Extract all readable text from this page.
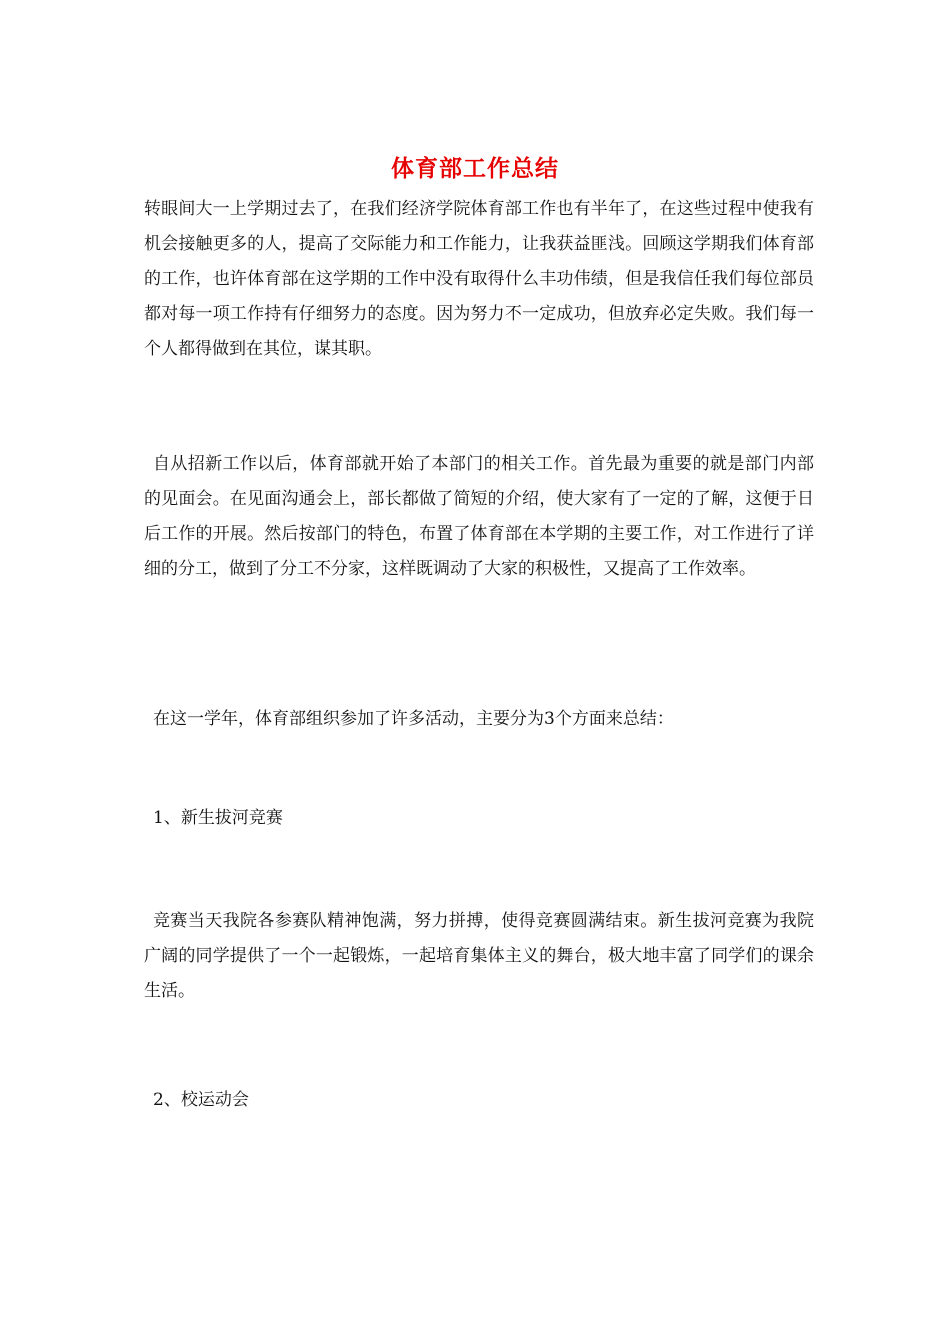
体育部工作总结

转眼间大一上学期过去了，在我们经济学院体育部工作也有半年了，在这些过程中使我有机会接触更多的人，提高了交际能力和工作能力，让我获益匪浅。回顾这学期我们体育部的工作，也许体育部在这学期的工作中没有取得什么丰功伟绩，但是我信任我们每位部员都对每一项工作持有仔细努力的态度。因为努力不一定成功，但放弃必定失败。我们每一个人都得做到在其位，谋其职。

自从招新工作以后，体育部就开始了本部门的相关工作。首先最为重要的就是部门内部的见面会。在见面沟通会上，部长都做了简短的介绍，使大家有了一定的了解，这便于日后工作的开展。然后按部门的特色，布置了体育部在本学期的主要工作，对工作进行了详细的分工，做到了分工不分家，这样既调动了大家的积极性，又提高了工作效率。

在这一学年，体育部组织参加了许多活动，主要分为3个方面来总结：

1、新生拔河竞赛

竞赛当天我院各参赛队精神饱满，努力拼搏，使得竞赛圆满结束。新生拔河竞赛为我院广阔的同学提供了一个一起锻炼，一起培育集体主义的舞台，极大地丰富了同学们的课余生活。

2、校运动会
